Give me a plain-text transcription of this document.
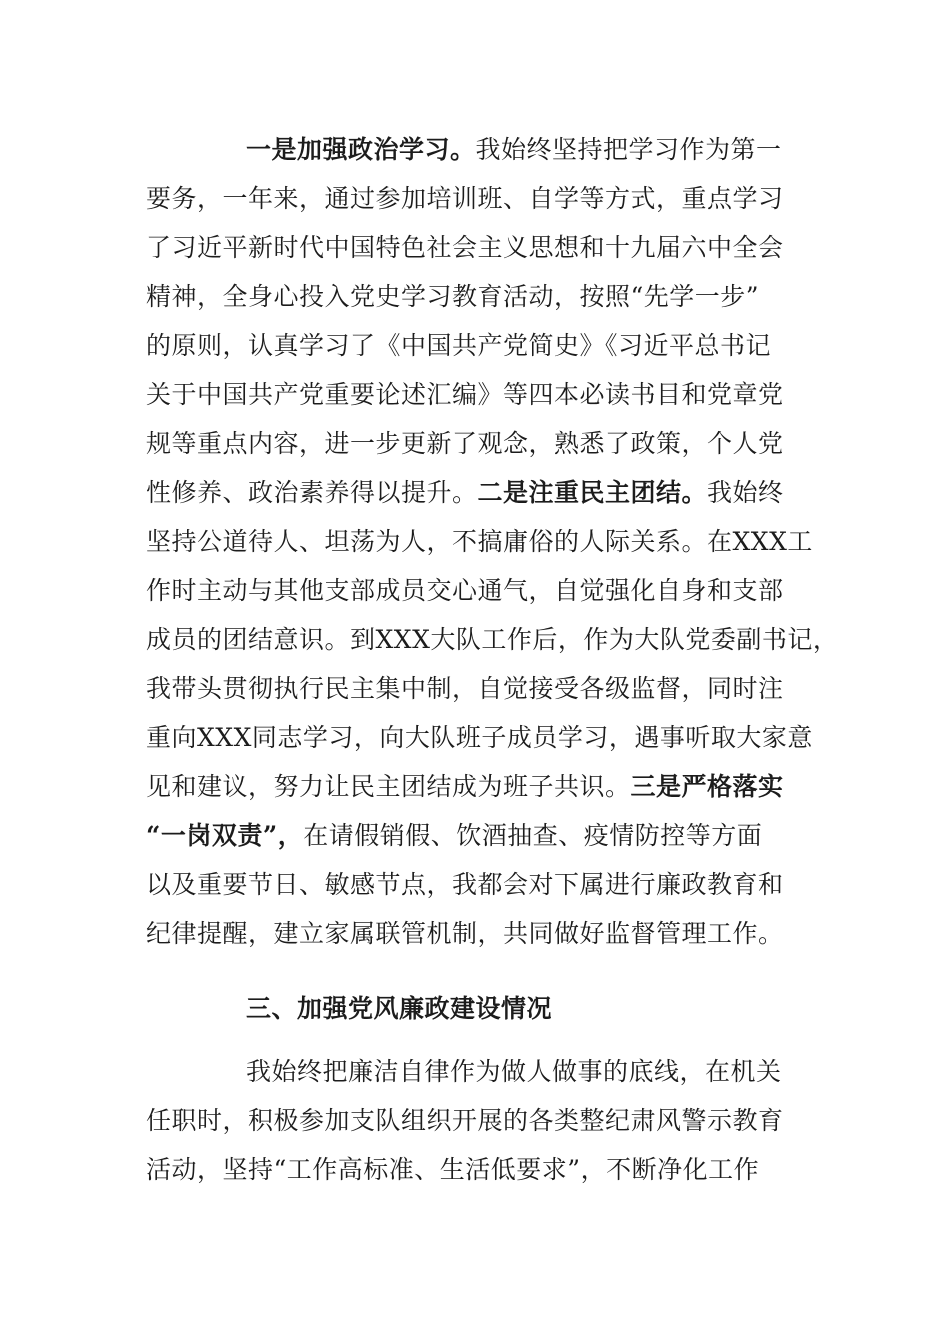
一是加强政治学习。我始终坚持把学习作为第一
要务，一年来，通过参加培训班、自学等方式，重点学习
了习近平新时代中国特色社会主义思想和十九届六中全会
精神，全身心投入党史学习教育活动，按照“先学一步”
的原则，认真学习了《中国共产党简史》《习近平总书记
关于中国共产党重要论述汇编》等四本必读书目和党章党
规等重点内容，进一步更新了观念，熟悉了政策，个人党
性修养、政治素养得以提升。二是注重民主团结。我始终
坚持公道待人、坦荡为人，不搞庸俗的人际关系。在XXX工
作时主动与其他支部成员交心通气，自觉强化自身和支部
成员的团结意识。到XXX大队工作后，作为大队党委副书记，
我带头贯彻执行民主集中制，自觉接受各级监督，同时注
重向XXX同志学习，向大队班子成员学习，遇事听取大家意
见和建议，努力让民主团结成为班子共识。三是严格落实
“一岗双责”，在请假销假、饮酒抽查、疫情防控等方面
以及重要节日、敏感节点，我都会对下属进行廉政教育和
纪律提醒，建立家属联管机制，共同做好监督管理工作。
三、加强党风廉政建设情况
我始终把廉洁自律作为做人做事的底线，在机关
任职时，积极参加支队组织开展的各类整纪肃风警示教育
活动，坚持“工作高标准、生活低要求”，不断净化工作
